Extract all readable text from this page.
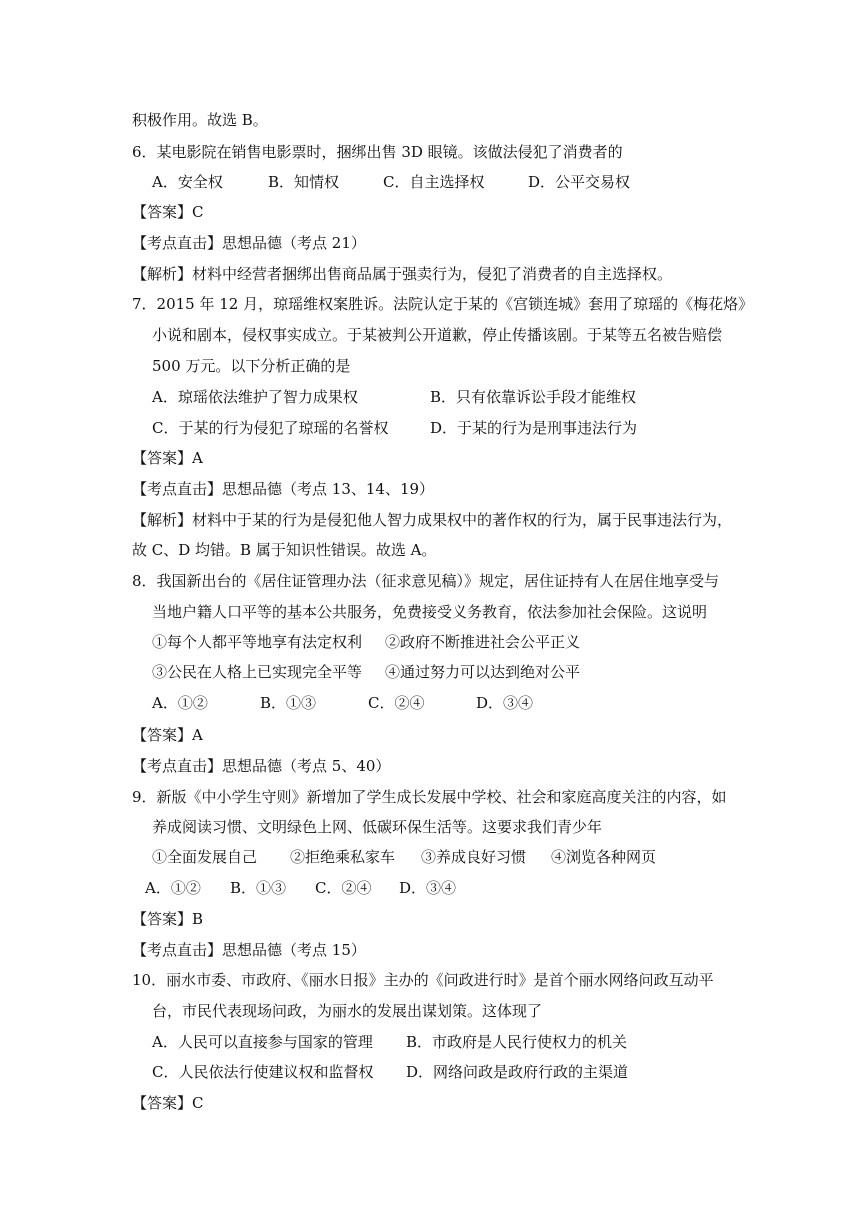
积极作用。故选 B。
6．某电影院在销售电影票时，捆绑出售 3D 眼镜。该做法侵犯了消费者的
A．安全权	B．知情权	C．自主选择权	D．公平交易权
【答案】C
【考点直击】思想品德（考点 21）
【解析】材料中经营者捆绑出售商品属于强卖行为，侵犯了消费者的自主选择权。
7．2015 年 12 月，琼瑶维权案胜诉。法院认定于某的《宫锁连城》套用了琼瑶的《梅花烙》
小说和剧本，侵权事实成立。于某被判公开道歉，停止传播该剧。于某等五名被告赔偿
500 万元。以下分析正确的是
A．琼瑶依法维护了智力成果权	B．只有依靠诉讼手段才能维权
C．于某的行为侵犯了琼瑶的名誉权	D．于某的行为是刑事违法行为
【答案】A
【考点直击】思想品德（考点 13、14、19）
【解析】材料中于某的行为是侵犯他人智力成果权中的著作权的行为，属于民事违法行为，
故 C、D 均错。B 属于知识性错误。故选 A。
8．我国新出台的《居住证管理办法（征求意见稿）》规定，居住证持有人在居住地享受与
当地户籍人口平等的基本公共服务，免费接受义务教育，依法参加社会保险。这说明
①每个人都平等地享有法定权利 ②政府不断推进社会公平正义
③公民在人格上已实现完全平等 ④通过努力可以达到绝对公平
A．①②	B．①③	C．②④	D．③④
【答案】A
【考点直击】思想品德（考点 5、40）
9．新版《中小学生守则》新增加了学生成长发展中学校、社会和家庭高度关注的内容，如
养成阅读习惯、文明绿色上网、低碳环保生活等。这要求我们青少年
①全面发展自己 ②拒绝乘私家车 ③养成良好习惯 ④浏览各种网页
A．①② B．①③ C．②④ D．③④
【答案】B
【考点直击】思想品德（考点 15）
10．丽水市委、市政府、《丽水日报》主办的《问政进行时》是首个丽水网络问政互动平
台，市民代表现场问政，为丽水的发展出谋划策。这体现了
A．人民可以直接参与国家的管理 B．市政府是人民行使权力的机关
C．人民依法行使建议权和监督权 D．网络问政是政府行政的主渠道
【答案】C
